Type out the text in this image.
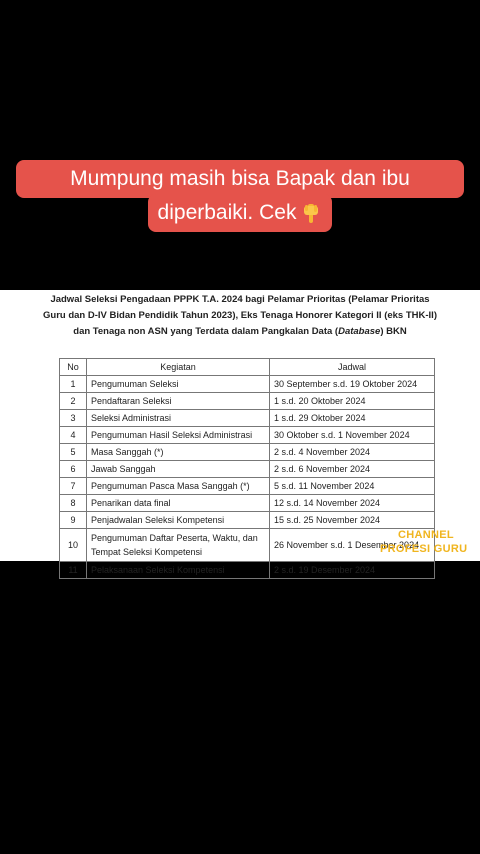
Mumpung masih bisa Bapak dan ibu
diperbaiki. Cek
Jadwal Seleksi Pengadaan PPPK T.A. 2024 bagi Pelamar Prioritas (Pelamar Prioritas Guru dan D-IV Bidan Pendidik Tahun 2023), Eks Tenaga Honorer Kategori II (eks THK-II) dan Tenaga non ASN yang Terdata dalam Pangkalan Data (Database) BKN
No	Kegiatan	Jadwal
1	Pengumuman Seleksi	30 September s.d. 19 Oktober 2024
2	Pendaftaran Seleksi	1 s.d. 20 Oktober 2024
3	Seleksi Administrasi	1 s.d. 29 Oktober 2024
4	Pengumuman Hasil Seleksi Administrasi	30 Oktober s.d. 1 November 2024
5	Masa Sanggah (*)	2 s.d. 4 November 2024
6	Jawab Sanggah	2 s.d. 6 November 2024
7	Pengumuman Pasca Masa Sanggah (*)	5 s.d. 11 November 2024
8	Penarikan data final	12 s.d. 14 November 2024
9	Penjadwalan Seleksi Kompetensi	15 s.d. 25 November 2024
10	Pengumuman Daftar Peserta, Waktu, dan Tempat Seleksi Kompetensi	26 November s.d. 1 Desember 2024
11	Pelaksanaan Seleksi Kompetensi	2 s.d. 19 Desember 2024
CHANNEL
PROFESI GURU
